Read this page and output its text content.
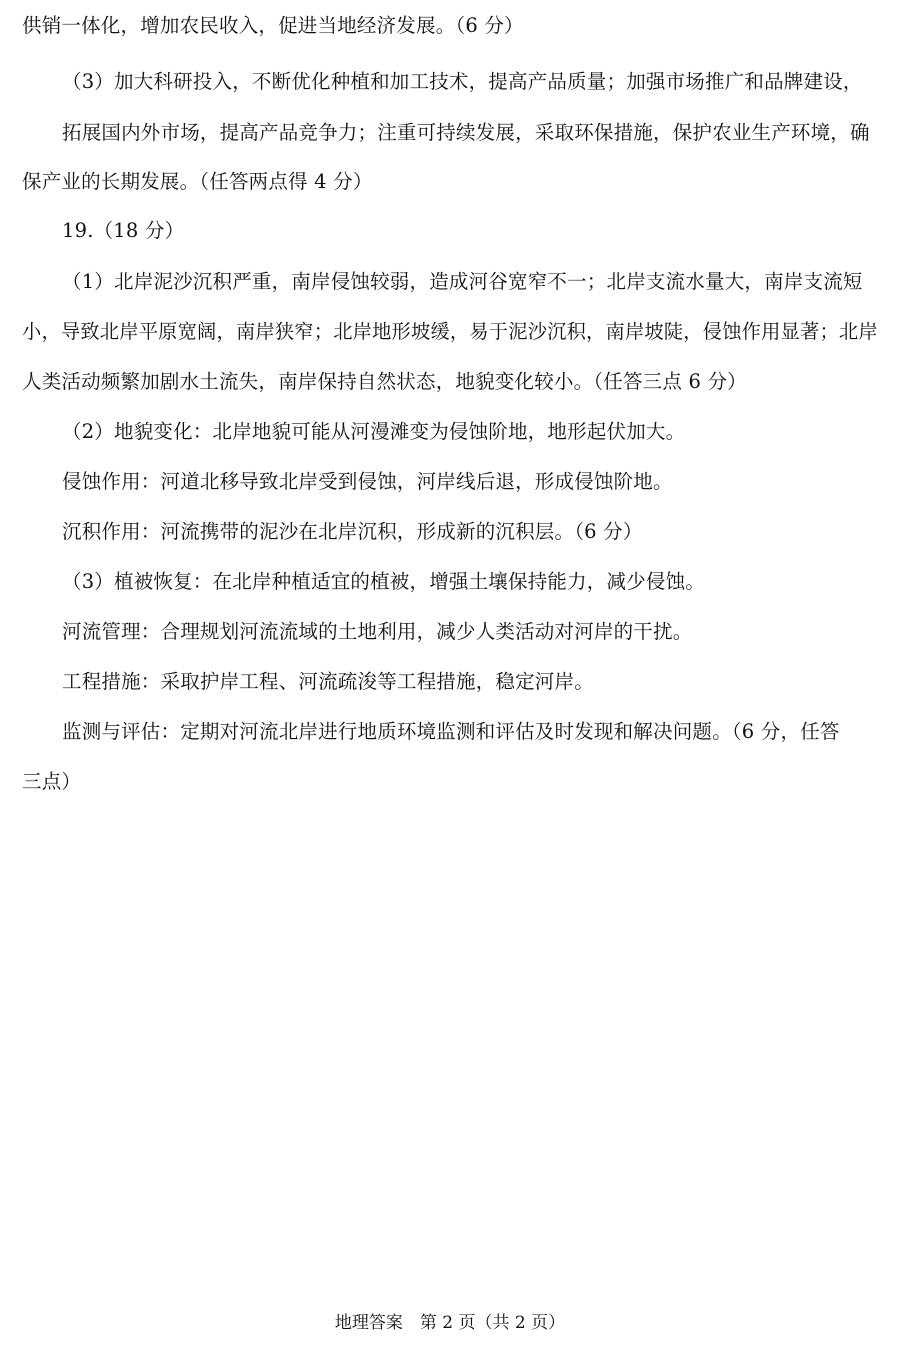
供销一体化，增加农民收入，促进当地经济发展。（6 分）
（3）加大科研投入，不断优化种植和加工技术，提高产品质量；加强市场推广和品牌建设，
拓展国内外市场，提高产品竞争力；注重可持续发展，采取环保措施，保护农业生产环境，确
保产业的长期发展。（任答两点得 4 分）
19.（18 分）
（1）北岸泥沙沉积严重，南岸侵蚀较弱，造成河谷宽窄不一；北岸支流水量大，南岸支流短
小，导致北岸平原宽阔，南岸狭窄；北岸地形坡缓，易于泥沙沉积，南岸坡陡，侵蚀作用显著；北岸
人类活动频繁加剧水土流失，南岸保持自然状态，地貌变化较小。（任答三点 6 分）
（2）地貌变化：北岸地貌可能从河漫滩变为侵蚀阶地，地形起伏加大。
侵蚀作用：河道北移导致北岸受到侵蚀，河岸线后退，形成侵蚀阶地。
沉积作用：河流携带的泥沙在北岸沉积，形成新的沉积层。（6 分）
（3）植被恢复：在北岸种植适宜的植被，增强土壤保持能力，减少侵蚀。
河流管理：合理规划河流流域的土地利用，减少人类活动对河岸的干扰。
工程措施：采取护岸工程、河流疏浚等工程措施，稳定河岸。
监测与评估：定期对河流北岸进行地质环境监测和评估及时发现和解决问题。（6 分，任答
三点）
地理答案　第 2 页（共 2 页）
